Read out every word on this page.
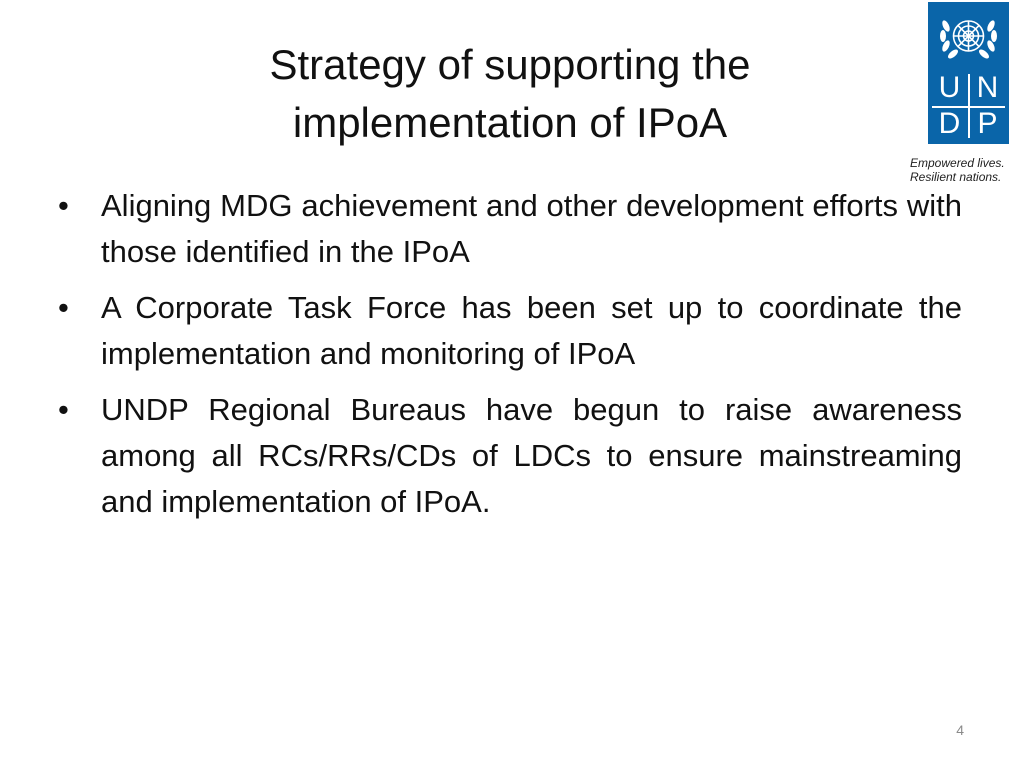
Strategy of supporting the
implementation of IPoA
U N
D P
Empowered lives.
Resilient nations.
•	Aligning MDG achievement and other development efforts with those identified in the IPoA
•	A Corporate Task Force has been set up to coordinate the implementation and monitoring of IPoA
•	UNDP Regional Bureaus have begun to raise awareness among all RCs/RRs/CDs of LDCs to ensure mainstreaming and implementation of IPoA.
4
